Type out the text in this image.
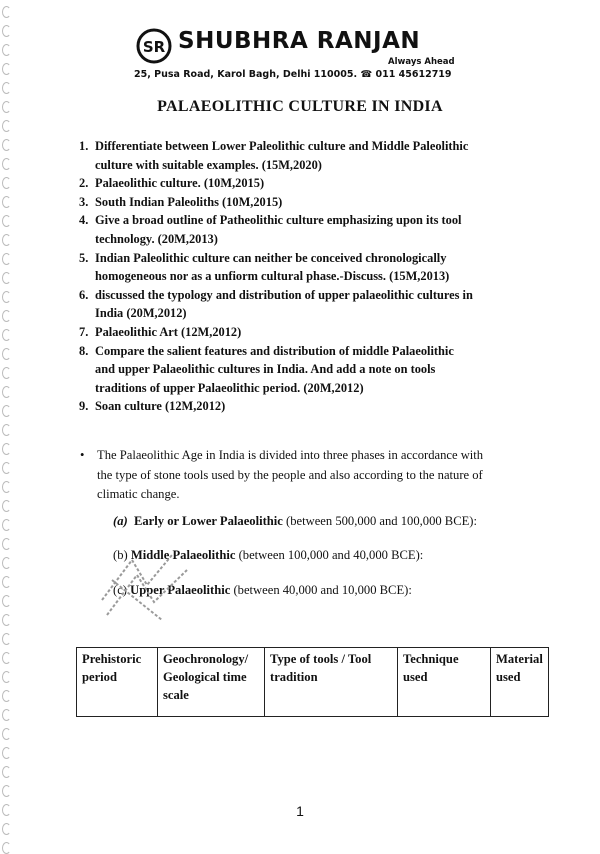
SR SHUBHRA RANJAN
Always Ahead
25, Pusa Road, Karol Bagh, Delhi 110005. ☎ 011 45612719
PALAEOLITHIC CULTURE IN INDIA
1. Differentiate between Lower Paleolithic culture and Middle Paleolithic
culture with suitable examples. (15M,2020)
2. Palaeolithic culture. (10M,2015)
3. South Indian Paleoliths (10M,2015)
4. Give a broad outline of Patheolithic culture emphasizing upon its tool
technology. (20M,2013)
5. Indian Paleolithic culture can neither be conceived chronologically
homogeneous nor as a unfiorm cultural phase.-Discuss. (15M,2013)
6. discussed the typology and distribution of upper palaeolithic cultures in
India (20M,2012)
7. Palaeolithic Art (12M,2012)
8. Compare the salient features and distribution of middle Palaeolithic
and upper Palaeolithic cultures in India. And add a note on tools
traditions of upper Palaeolithic period. (20M,2012)
9. Soan culture (12M,2012)
• The Palaeolithic Age in India is divided into three phases in accordance with
the type of stone tools used by the people and also according to the nature of
climatic change.
(a) Early or Lower Palaeolithic (between 500,000 and 100,000 BCE):
(b) Middle Palaeolithic (between 100,000 and 40,000 BCE):
(c) Upper Palaeolithic (between 40,000 and 10,000 BCE):
Prehistoric
period

Geochronology/
Geological time
scale

Type of tools / Tool
tradition

Technique
used

Material
used
1
